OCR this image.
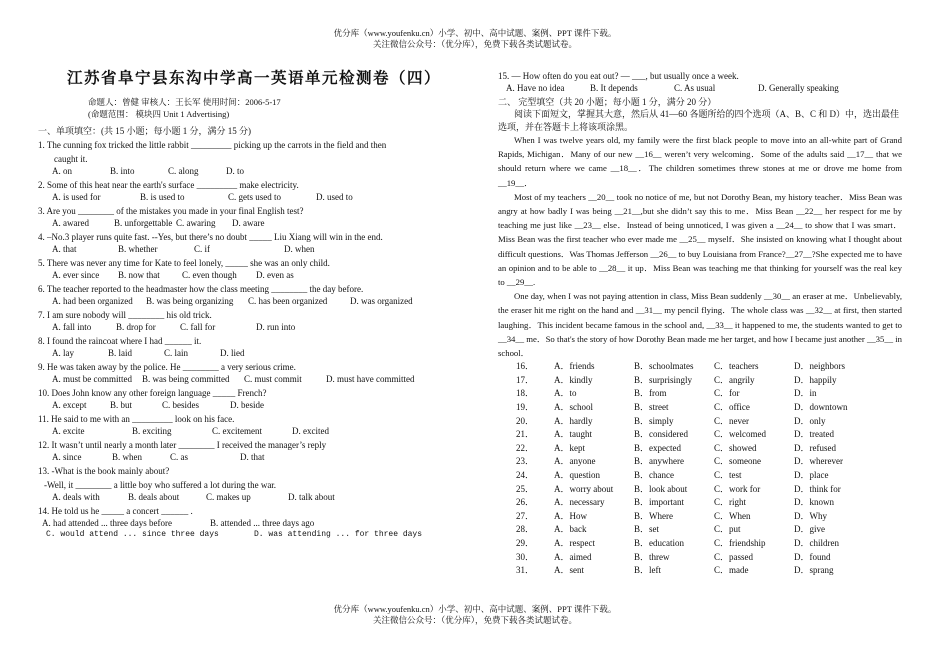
优分库（www.youfenku.cn）小学、初中、高中试题、案例、PPT 课件下载。
关注微信公众号：（优分库），免费下载各类试题试卷。
江苏省阜宁县东沟中学高一英语单元检测卷（四）
命题人：曾健 审核人：王长军 使用时间：2006-5-17
(命题范围： 模块四 Unit 1 Advertising)
一、单项填空：(共 15 小题；每小题 1 分，满分 15 分)
1. The cunning fox tricked the little rabbit _________ picking up the carrots in the field and then
caught it.
A. on	B. into	C. along	D. to
2. Some of this heat near the earth's surface _________ make electricity.
A. is used for	B. is used to	C. gets used to	D. used to
3. Are you ________ of the mistakes you made in your final English test?
A. awared	B. unforgettable C. awaring	D. aware
4. –No.3 player runs quite fast. --Yes, but there’s no doubt _____ Liu Xiang will win in the end.
A. that	B. whether	C. if	D. when
5. There was never any time for Kate to feel lonely, _____ she was an only child.
A. ever since	B. now that	C. even though	D. even as
6. The teacher reported to the headmaster how the class meeting ________ the day before.
A. had been organized	B. was being organizing	C. has been organized	D. was organized
7. I am sure nobody will ________ his old trick.
A. fall into	B. drop for	C. fall for	D. run into
8. I found the raincoat where I had ______ it.
A. lay	B. laid	C. lain	D. lied
9. He was taken away by the police. He ________ a very serious crime.
A. must be committed	B. was being committed	C. must commit	D. must have committed
10. Does John know any other foreign language _____ French?
A. except	B. but	C. besides	D. beside
11. He said to me with an _________ look on his face.
A. excite	B. exciting	C. excitement	D. excited
12. It wasn’t until nearly a month later ________ I received the manager’s reply
A. since	B. when	C. as	D. that
13. -What is the book mainly about?
-Well, it ________ a little boy who suffered a lot during the war.
A. deals with	B. deals about	C. makes up	D. talk about
14. He told us he _____ a concert ______ .
A. had attended ... three days before	B. attended ... three days ago
C. would attend ... since three days	D. was attending ... for three days
15. — How often do you eat out? — ___, but usually once a week.
A. Have no idea	B. It depends	C. As usual	D. Generally speaking
二、 完型填空（共 20 小题；每小题 1 分，满分 20 分）
阅读下面短文，掌握其大意，然后从 41—60 各题所给的四个选项（A、B、C 和 D）中，选出最佳选项，并在答题卡上将该项涂黑。
When I was twelve years old, my family were the first black people to move into an all-white part of Grand Rapids, Michigan．Many of our new __16__ weren’t very welcoming．Some of the adults said __17__ that we should return where we came __18__．The children sometimes threw stones at me or drove me home from __19__．
Most of my teachers __20__ took no notice of me, but not Dorothy Bean, my history teacher．Miss Bean was angry at how badly I was being __21__,but she didn’t say this to me．Miss Bean __22__ her respect for me by teaching me just like __23__ else．Instead of being unnoticed, I was given a __24__ to show that I was smart．Miss Bean was the first teacher who ever made me __25__ myself．She insisted on knowing what I thought about difficult questions．Was Thomas Jefferson __26__ to buy Louisiana from France?__27__?She expected me to have an opinion and to be able to __28__ it up．Miss Bean was teaching me that thinking for yourself was the real key to __29__.
One day, when I was not paying attention in class, Miss Bean suddenly __30__ an eraser at me．Unbelievably, the eraser hit me right on the hand and __31__ my pencil flying．The whole class was __32__ at first, then started laughing．This incident became famous in the school and, __33__ it happened to me, the students wanted to get to __34__ me．So that's the story of how Dorothy Bean made me her target, and how I became just another __35__ in school．
16．	A．friends	B．schoolmates	C．teachers	D．neighbors
17．	A．kindly	B．surprisingly	C．angrily	D．happily
18．	A．to	B．from	C．for	D．in
19．	A．school	B．street	C．office	D．downtown
20．	A．hardly	B．simply	C．never	D．only
21．	A．taught	B．considered	C．welcomed	D．treated
22．	A．kept	B．expected	C．showed	D．refused
23．	A．anyone	B．anywhere	C．someone	D．wherever
24．	A．question	B．chance	C．test	D．place
25．	A．worry about	B．look about	C．work for	D．think for
26．	A．necessary	B．important	C．right	D．known
27．	A．How	B．Where	C．When	D．Why
28．	A．back	B．set	C．put	D．give
29．	A．respect	B．education	C．friendship	D．children
30．	A．aimed	B．threw	C．passed	D．found
31．	A．sent	B．left	C．made	D．sprang
优分库（www.youfenku.cn）小学、初中、高中试题、案例、PPT 课件下载。
关注微信公众号：（优分库），免费下载各类试题试卷。
